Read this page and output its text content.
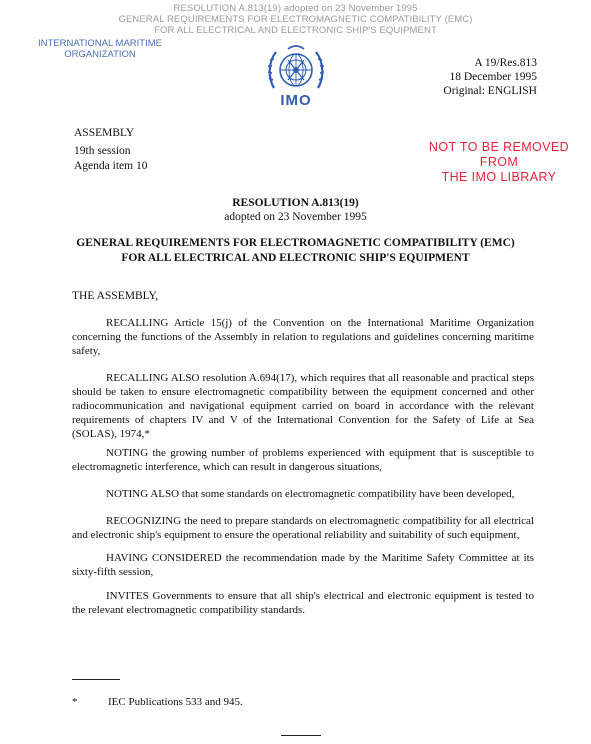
RESOLUTION A.813(19) adopted on 23 November 1995
GENERAL REQUIREMENTS FOR ELECTROMAGNETIC COMPATIBILITY (EMC)
FOR ALL ELECTRICAL AND ELECTRONIC SHIP'S EQUIPMENT
INTERNATIONAL MARITIME
ORGANIZATION
IMO
A 19/Res.813
18 December 1995
Original: ENGLISH
NOT TO BE REMOVED
FROM
THE IMO LIBRARY
ASSEMBLY
19th session
Agenda item 10
RESOLUTION A.813(19)
adopted on 23 November 1995
GENERAL REQUIREMENTS FOR ELECTROMAGNETIC COMPATIBILITY (EMC)
FOR ALL ELECTRICAL AND ELECTRONIC SHIP'S EQUIPMENT
THE ASSEMBLY,

RECALLING Article 15(j) of the Convention on the International Maritime Organization concerning the functions of the Assembly in relation to regulations and guidelines concerning maritime safety,

RECALLING ALSO resolution A.694(17), which requires that all reasonable and practical steps should be taken to ensure electromagnetic compatibility between the equipment concerned and other radiocommunication and navigational equipment carried on board in accordance with the relevant requirements of chapters IV and V of the International Convention for the Safety of Life at Sea (SOLAS), 1974,*

NOTING the growing number of problems experienced with equipment that is susceptible to electromagnetic interference, which can result in dangerous situations,

NOTING ALSO that some standards on electromagnetic compatibility have been developed,

RECOGNIZING the need to prepare standards on electromagnetic compatibility for all electrical and electronic ship's equipment to ensure the operational reliability and suitability of such equipment,

HAVING CONSIDERED the recommendation made by the Maritime Safety Committee at its sixty-fifth session,

INVITES Governments to ensure that all ship's electrical and electronic equipment is tested to the relevant electromagnetic compatibility standards.

*	IEC Publications 533 and 945.
